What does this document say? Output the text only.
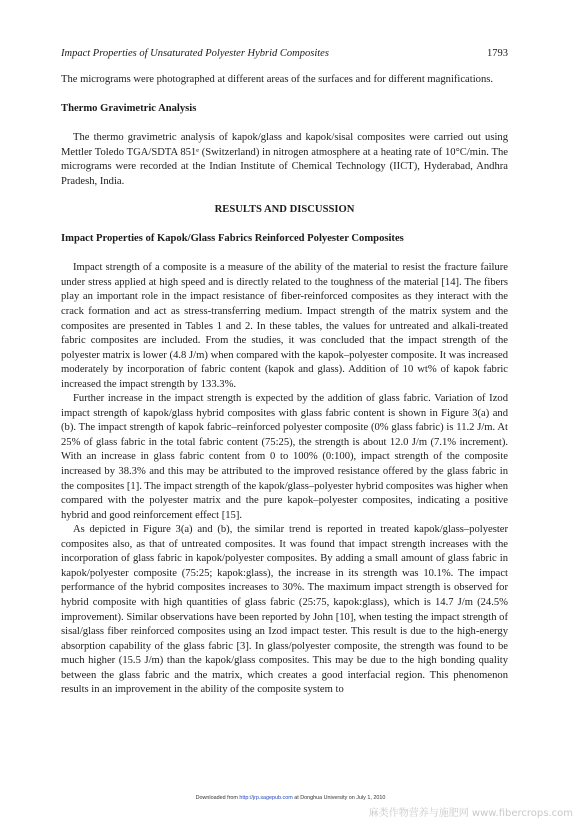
Impact Properties of Unsaturated Polyester Hybrid Composites	1793

The micrograms were photographed at different areas of the surfaces and for different magnifications.

Thermo Gravimetric Analysis

The thermo gravimetric analysis of kapok/glass and kapok/sisal composites were carried out using Mettler Toledo TGA/SDTA 851ᵉ (Switzerland) in nitrogen atmosphere at a heating rate of 10°C/min. The micrograms were recorded at the Indian Institute of Chemical Technology (IICT), Hyderabad, Andhra Pradesh, India.

RESULTS AND DISCUSSION
Impact Properties of Kapok/Glass Fabrics Reinforced Polyester Composites

Impact strength of a composite is a measure of the ability of the material to resist the fracture failure under stress applied at high speed and is directly related to the toughness of the material [14]. The fibers play an important role in the impact resistance of fiber-reinforced composites as they interact with the crack formation and act as stress-transferring medium. Impact strength of the matrix system and the composites are presented in Tables 1 and 2. In these tables, the values for untreated and alkali-treated fabric composites are included. From the studies, it was concluded that the impact strength of the polyester matrix is lower (4.8 J/m) when compared with the kapok–polyester composite. It was increased moderately by incorporation of fabric content (kapok and glass). Addition of 10 wt% of kapok fabric increased the impact strength by 133.3%.

Further increase in the impact strength is expected by the addition of glass fabric. Variation of Izod impact strength of kapok/glass hybrid composites with glass fabric content is shown in Figure 3(a) and (b). The impact strength of kapok fabric–reinforced polyester composite (0% glass fabric) is 11.2 J/m. At 25% of glass fabric in the total fabric content (75:25), the strength is about 12.0 J/m (7.1% increment). With an increase in glass fabric content from 0 to 100% (0:100), impact strength of the composite increased by 38.3% and this may be attributed to the improved resistance offered by the glass fabric in the composites [1]. The impact strength of the kapok/glass–polyester hybrid composites was higher when compared with the polyester matrix and the pure kapok–polyester composites, indicating a positive hybrid and good reinforcement effect [15].

As depicted in Figure 3(a) and (b), the similar trend is reported in treated kapok/glass–polyester composites also, as that of untreated composites. It was found that impact strength increases with the incorporation of glass fabric in kapok/polyester composites. By adding a small amount of glass fabric in kapok/polyester composite (75:25; kapok:glass), the increase in its strength was 10.1%. The impact performance of the hybrid composites increases to 30%. The maximum impact strength is observed for hybrid composite with high quantities of glass fabric (25:75, kapok:glass), which is 14.7 J/m (24.5% improvement). Similar observations have been reported by John [10], when testing the impact strength of sisal/glass fiber reinforced composites using an Izod impact tester. This result is due to the high-energy absorption capability of the glass fabric [3]. In glass/polyester composite, the strength was found to be much higher (15.5 J/m) than the kapok/glass composites. This may be due to the high bonding quality between the glass fabric and the matrix, which creates a good interfacial region. This phenomenon results in an improvement in the ability of the composite system to

Downloaded from http://jrp.sagepub.com at Donghua University on July 1, 2010
麻类作物营养与施肥网 www.fibercrops.com
